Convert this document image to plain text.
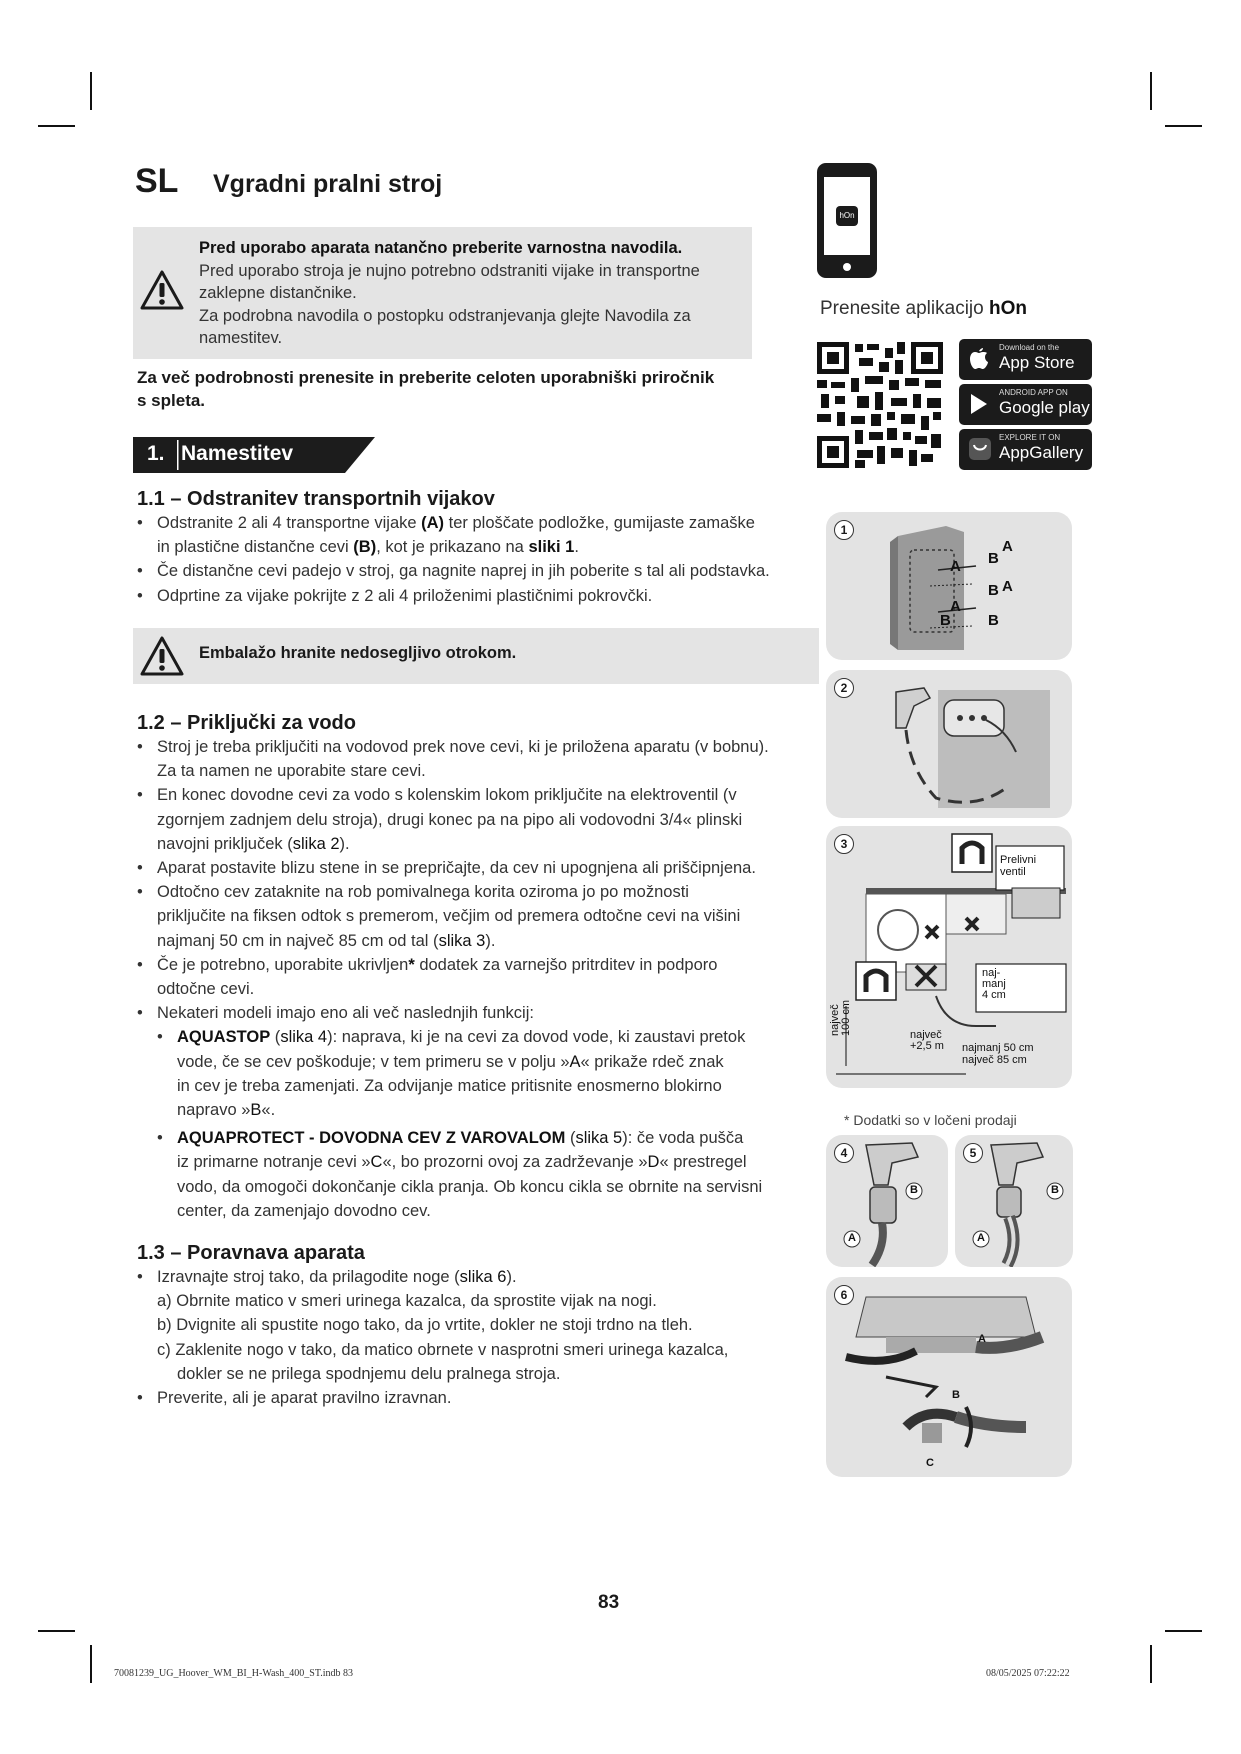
SL Vgradni pralni stroj
Pred uporabo aparata natančno preberite varnostna navodila.
Pred uporabo stroja je nujno potrebno odstraniti vijake in transportne
zaklepne distančnike.
Za podrobna navodila o postopku odstranjevanja glejte Navodila za
namestitev.
Za več podrobnosti prenesite in preberite celoten uporabniški priročnik
s spleta.
1. Namestitev
1.1 – Odstranitev transportnih vijakov
• Odstranite 2 ali 4 transportne vijake (A) ter ploščate podložke, gumijaste zamaške
in plastične distančne cevi (B), kot je prikazano na sliki 1.
• Če distančne cevi padejo v stroj, ga nagnite naprej in jih poberite s tal ali podstavka.
• Odprtine za vijake pokrijte z 2 ali 4 priloženimi plastičnimi pokrovčki.
Embalažo hranite nedosegljivo otrokom.
1.2 – Priključki za vodo
• Stroj je treba priključiti na vodovod prek nove cevi, ki je priložena aparatu (v bobnu).
Za ta namen ne uporabite stare cevi.
• En konec dovodne cevi za vodo s kolenskim lokom priključite na elektroventil (v
zgornjem zadnjem delu stroja), drugi konec pa na pipo ali vodovodni 3/4« plinski
navojni priključek (slika 2).
• Aparat postavite blizu stene in se prepričajte, da cev ni upognjena ali priščipnjena.
• Odtočno cev zataknite na rob pomivalnega korita oziroma jo po možnosti
priključite na fiksen odtok s premerom, večjim od premera odtočne cevi na višini
najmanj 50 cm in največ 85 cm od tal (slika 3).
• Če je potrebno, uporabite ukrivljen* dodatek za varnejšo pritrditev in podporo
odtočne cevi.
• Nekateri modeli imajo eno ali več naslednjih funkcij:
• AQUASTOP (slika 4): naprava, ki je na cevi za dovod vode, ki zaustavi pretok
vode, če se cev poškoduje; v tem primeru se v polju »A« prikaže rdeč znak
in cev je treba zamenjati. Za odvijanje matice pritisnite enosmerno blokirno
napravo »B«.
• AQUAPROTECT - DOVODNA CEV Z VAROVALOM (slika 5): če voda pušča
iz primarne notranje cevi »C«, bo prozorni ovoj za zadrževanje »D« prestregel
vodo, da omogoči dokončanje cikla pranja. Ob koncu cikla se obrnite na servisni
center, da zamenjajo dovodno cev.
1.3 – Poravnava aparata
• Izravnajte stroj tako, da prilagodite noge (slika 6).
a) Obrnite matico v smeri urinega kazalca, da sprostite vijak na nogi.
b) Dvignite ali spustite nogo tako, da jo vrtite, dokler ne stoji trdno na tleh.
c) Zaklenite nogo v tako, da matico obrnete v nasprotni smeri urinega kazalca,
dokler se ne prilega spodnjemu delu pralnega stroja.
• Preverite, ali je aparat pravilno izravnan.
hOn
Prenesite aplikacijo hOn
Download on the
App Store
ANDROID APP ON
Google play
EXPLORE IT ON
AppGallery
1
A B
A
B
A
B
A
B
2
3
Prelivni
ventil
naj-
manj
4 cm
največ
100 cm
največ
+2,5 m najmanj 50 cm
največ 85 cm
* Dodatki so v ločeni prodaji
4
B
A
5
B
A
6
A
B
C
83
70081239_UG_Hoover_WM_BI_H-Wash_400_ST.indb 83	08/05/2025 07:22:22
